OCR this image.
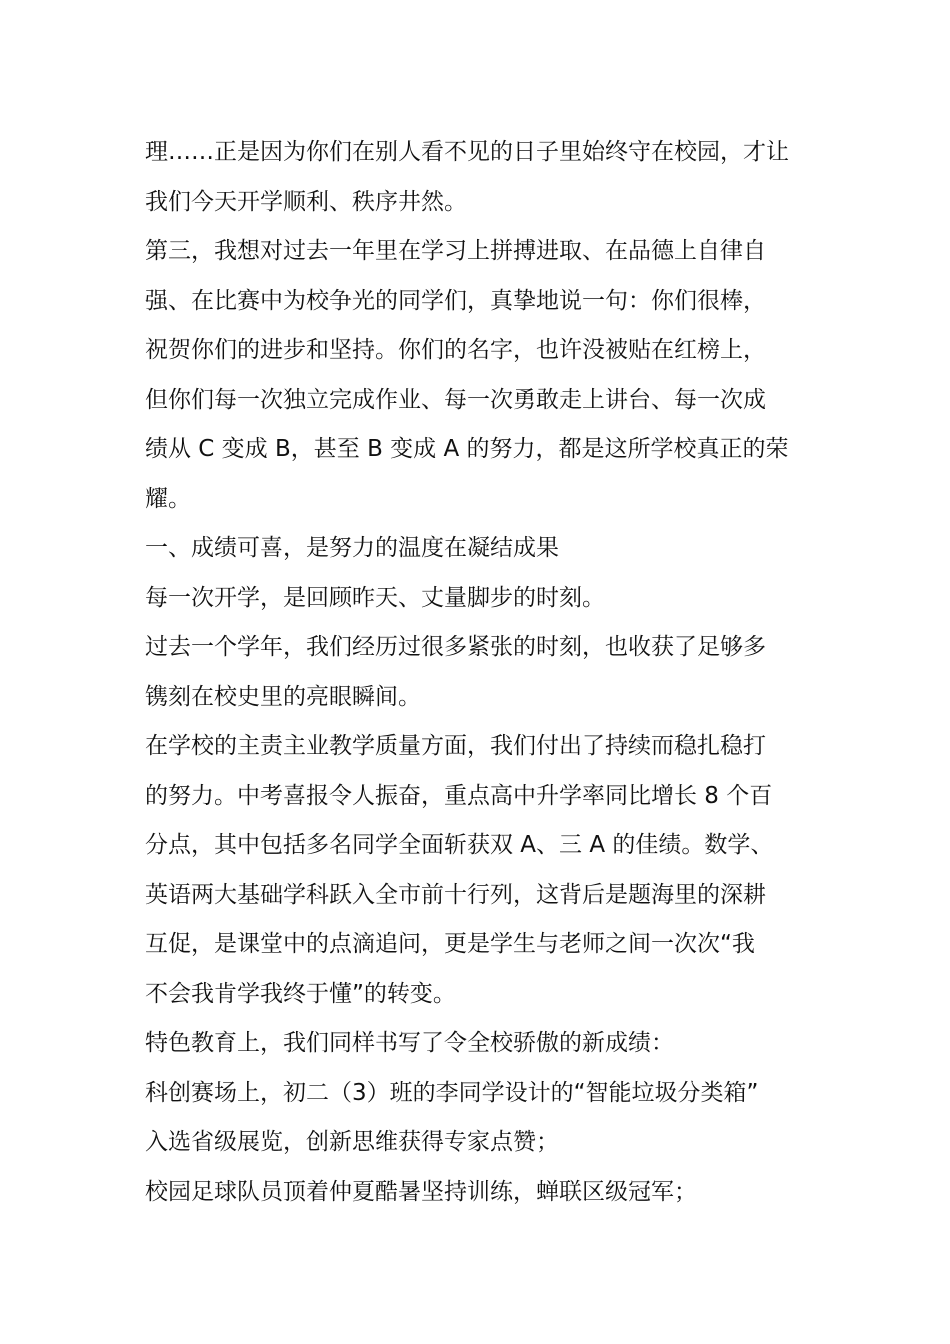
理……正是因为你们在别人看不见的日子里始终守在校园，才让
我们今天开学顺利、秩序井然。
第三，我想对过去一年里在学习上拼搏进取、在品德上自律自
强、在比赛中为校争光的同学们，真挚地说一句：你们很棒，
祝贺你们的进步和坚持。你们的名字，也许没被贴在红榜上，
但你们每一次独立完成作业、每一次勇敢走上讲台、每一次成
绩从 C 变成 B，甚至 B 变成 A 的努力，都是这所学校真正的荣
耀。
一、成绩可喜，是努力的温度在凝结成果
每一次开学，是回顾昨天、丈量脚步的时刻。
过去一个学年，我们经历过很多紧张的时刻，也收获了足够多
镌刻在校史里的亮眼瞬间。
在学校的主责主业教学质量方面，我们付出了持续而稳扎稳打
的努力。中考喜报令人振奋，重点高中升学率同比增长 8 个百
分点，其中包括多名同学全面斩获双 A、三 A 的佳绩。数学、
英语两大基础学科跃入全市前十行列，这背后是题海里的深耕
互促，是课堂中的点滴追问，更是学生与老师之间一次次“我
不会我肯学我终于懂”的转变。
特色教育上，我们同样书写了令全校骄傲的新成绩：
科创赛场上，初二（3）班的李同学设计的“智能垃圾分类箱”
入选省级展览，创新思维获得专家点赞；
校园足球队员顶着仲夏酷暑坚持训练，蝉联区级冠军；
